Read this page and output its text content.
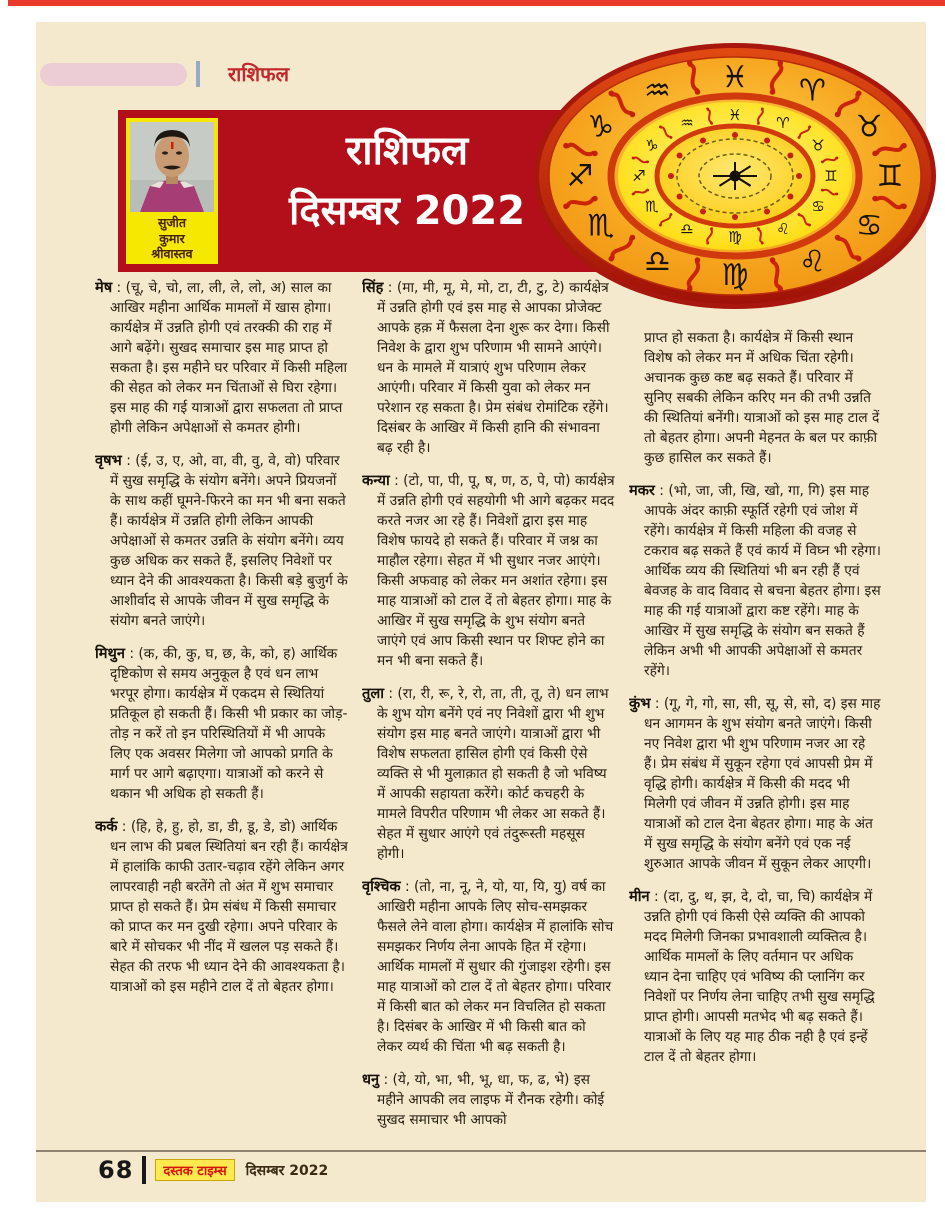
राशिफल
सुजीत
कुमार
श्रीवास्तव
राशिफल
दिसम्बर 2022
♓ ♈
♉
♊
♋
♌
♍
♎
♏
♐
♑
♒
♓ ♈
♉
♊
♋
♌
♍
♎
♏
♐
♑
♒

मेष : (चू, चे, चो, ला, ली, ले, लो, अ) साल का आखिर महीना आर्थिक मामलों में खास होगा। कार्यक्षेत्र में उन्नति होगी एवं तरक्की की राह में आगे बढ़ेंगे। सुखद समाचार इस माह प्राप्त हो सकता है। इस महीने घर परिवार में किसी महिला की सेहत को लेकर मन चिंताओं से घिरा रहेगा। इस माह की गई यात्राओं द्वारा सफलता तो प्राप्त होगी लेकिन अपेक्षाओं से कमतर होगी।

वृषभ : (ई, उ, ए, ओ, वा, वी, वु, वे, वो) परिवार में सुख समृद्धि के संयोग बनेंगे। अपने प्रियजनों के साथ कहीं घूमने-फिरने का मन भी बना सकते हैं। कार्यक्षेत्र में उन्नति होगी लेकिन आपकी अपेक्षाओं से कमतर उन्नति के संयोग बनेंगे। व्यय कुछ अधिक कर सकते हैं, इसलिए निवेशों पर ध्यान देने की आवश्यकता है। किसी बड़े बुजुर्ग के आशीर्वाद से आपके जीवन में सुख समृद्धि के संयोग बनते जाएंगे।

मिथुन : (क, की, कु, घ, छ, के, को, ह) आर्थिक दृष्टिकोण से समय अनुकूल है एवं धन लाभ भरपूर होगा। कार्यक्षेत्र में एकदम से स्थितियां प्रतिकूल हो सकती हैं। किसी भी प्रकार का जोड़-तोड़ न करें तो इन परिस्थितियों में भी आपके लिए एक अवसर मिलेगा जो आपको प्रगति के मार्ग पर आगे बढ़ाएगा। यात्राओं को करने से थकान भी अधिक हो सकती हैं।

कर्क : (हि, हे, हु, हो, डा, डी, डू, डे, डो) आर्थिक धन लाभ की प्रबल स्थितियां बन रही हैं। कार्यक्षेत्र में हालांकि काफी उतार-चढ़ाव रहेंगे लेकिन अगर लापरवाही नही बरतेंगे तो अंत में शुभ समाचार प्राप्त हो सकते हैं। प्रेम संबंध में किसी समाचार को प्राप्त कर मन दुखी रहेगा। अपने परिवार के बारे में सोचकर भी नींद में खलल पड़ सकते हैं। सेहत की तरफ भी ध्यान देने की आवश्यकता है। यात्राओं को इस महीने टाल दें तो बेहतर होगा।

सिंह : (मा, मी, मू, मे, मो, टा, टी, टु, टे) कार्यक्षेत्र में उन्नति होगी एवं इस माह से आपका प्रोजेक्ट आपके हक़ में फैसला देना शुरू कर देगा। किसी निवेश के द्वारा शुभ परिणाम भी सामने आएंगे। धन के मामले में यात्राएं शुभ परिणाम लेकर आएंगी। परिवार में किसी युवा को लेकर मन परेशान रह सकता है। प्रेम संबंध रोमांटिक रहेंगे। दिसंबर के आखिर में किसी हानि की संभावना बढ़ रही है।

कन्या : (टो, पा, पी, पू, ष, ण, ठ, पे, पो) कार्यक्षेत्र में उन्नति होगी एवं सहयोगी भी आगे बढ़कर मदद करते नजर आ रहे हैं। निवेशों द्वारा इस माह विशेष फायदे हो सकते हैं। परिवार में जश्न का माहौल रहेगा। सेहत में भी सुधार नजर आएंगे। किसी अफवाह को लेकर मन अशांत रहेगा। इस माह यात्राओं को टाल दें तो बेहतर होगा। माह के आखिर में सुख समृद्धि के शुभ संयोग बनते जाएंगे एवं आप किसी स्थान पर शिफ्ट होने का मन भी बना सकते हैं।

तुला : (रा, री, रू, रे, रो, ता, ती, तू, ते) धन लाभ के शुभ योग बनेंगे एवं नए निवेशों द्वारा भी शुभ संयोग इस माह बनते जाएंगे। यात्राओं द्वारा भी विशेष सफलता हासिल होगी एवं किसी ऐसे व्यक्ति से भी मुलाक़ात हो सकती है जो भविष्य में आपकी सहायता करेंगे। कोर्ट कचहरी के मामले विपरीत परिणाम भी लेकर आ सकते हैं। सेहत में सुधार आएंगे एवं तंदुरूस्ती महसूस होगी।

वृश्चिक : (तो, ना, नू, ने, यो, या, यि, यु) वर्ष का आखिरी महीना आपके लिए सोच-समझकर फैसले लेने वाला होगा। कार्यक्षेत्र में हालांकि सोच समझकर निर्णय लेना आपके हित में रहेगा। आर्थिक मामलों में सुधार की गुंजाइश रहेगी। इस माह यात्राओं को टाल दें तो बेहतर होगा। परिवार में किसी बात को लेकर मन विचलित हो सकता है। दिसंबर के आखिर में भी किसी बात को लेकर व्यर्थ की चिंता भी बढ़ सकती है।

धनु : (ये, यो, भा, भी, भू, धा, फ, ढ, भे) इस महीने आपकी लव लाइफ में रौनक रहेगी। कोई सुखद समाचार भी आपको

प्राप्त हो सकता है। कार्यक्षेत्र में किसी स्थान विशेष को लेकर मन में अधिक चिंता रहेगी। अचानक कुछ कष्ट बढ़ सकते हैं। परिवार में सुनिए सबकी लेकिन करिए मन की तभी उन्नति की स्थितियां बनेंगी। यात्राओं को इस माह टाल दें तो बेहतर होगा। अपनी मेहनत के बल पर काफ़ी कुछ हासिल कर सकते हैं।

मकर : (भो, जा, जी, खि, खो, गा, गि) इस माह आपके अंदर काफ़ी स्फूर्ति रहेगी एवं जोश में रहेंगे। कार्यक्षेत्र में किसी महिला की वजह से टकराव बढ़ सकते हैं एवं कार्य में विघ्न भी रहेगा। आर्थिक व्यय की स्थितियां भी बन रही हैं एवं बेवजह के वाद विवाद से बचना बेहतर होगा। इस माह की गई यात्राओं द्वारा कष्ट रहेंगे। माह के आखिर में सुख समृद्धि के संयोग बन सकते हैं लेकिन अभी भी आपकी अपेक्षाओं से कमतर रहेंगे।

कुंभ : (गू, गे, गो, सा, सी, सू, से, सो, द) इस माह धन आगमन के शुभ संयोग बनते जाएंगे। किसी नए निवेश द्वारा भी शुभ परिणाम नजर आ रहे हैं। प्रेम संबंध में सुकून रहेगा एवं आपसी प्रेम में वृद्धि होगी। कार्यक्षेत्र में किसी की मदद भी मिलेगी एवं जीवन में उन्नति होगी। इस माह यात्राओं को टाल देना बेहतर होगा। माह के अंत में सुख समृद्धि के संयोग बनेंगे एवं एक नई शुरुआत आपके जीवन में सुकून लेकर आएगी।

मीन : (दा, दु, थ, झ, दे, दो, चा, चि) कार्यक्षेत्र में उन्नति होगी एवं किसी ऐसे व्यक्ति की आपको मदद मिलेगी जिनका प्रभावशाली व्यक्तित्व है। आर्थिक मामलों के लिए वर्तमान पर अधिक ध्यान देना चाहिए एवं भविष्य की प्लानिंग कर निवेशों पर निर्णय लेना चाहिए तभी सुख समृद्धि प्राप्त होगी। आपसी मतभेद भी बढ़ सकते हैं। यात्राओं के लिए यह माह ठीक नही है एवं इन्हें टाल दें तो बेहतर होगा।

68	दस्तक टाइम्स	दिसम्बर 2022
